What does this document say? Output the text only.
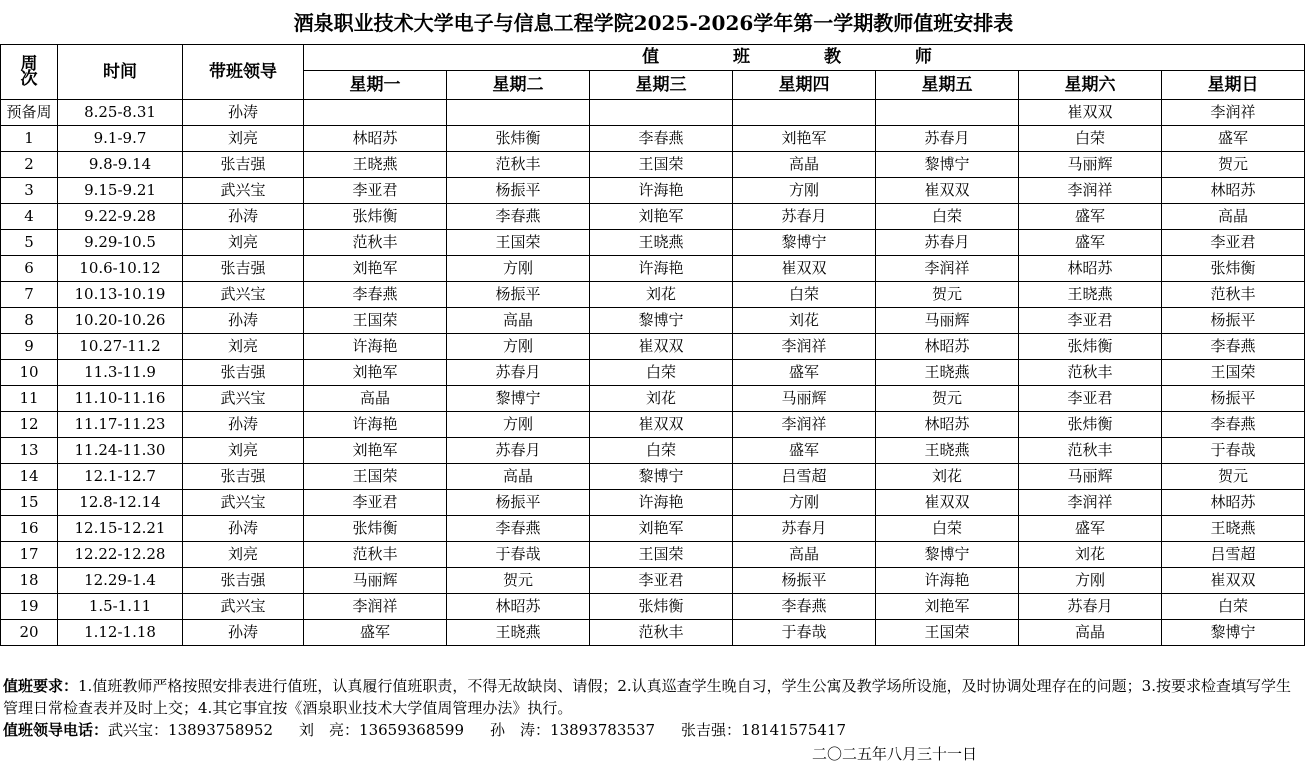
酒泉职业技术大学电子与信息工程学院2025-2026学年第一学期教师值班安排表
周次	时间	带班领导	值 班 教 师						
			星期一	星期二	星期三	星期四	星期五	星期六	星期日
预备周	8.25-8.31	孙涛						崔双双	李润祥
1	9.1-9.7	刘亮	林昭苏	张炜衡	李春燕	刘艳军	苏春月	白荣	盛军
2	9.8-9.14	张吉强	王晓燕	范秋丰	王国荣	高晶	黎博宁	马丽辉	贺元
3	9.15-9.21	武兴宝	李亚君	杨振平	许海艳	方刚	崔双双	李润祥	林昭苏
4	9.22-9.28	孙涛	张炜衡	李春燕	刘艳军	苏春月	白荣	盛军	高晶
5	9.29-10.5	刘亮	范秋丰	王国荣	王晓燕	黎博宁	苏春月	盛军	李亚君
6	10.6-10.12	张吉强	刘艳军	方刚	许海艳	崔双双	李润祥	林昭苏	张炜衡
7	10.13-10.19	武兴宝	李春燕	杨振平	刘花	白荣	贺元	王晓燕	范秋丰
8	10.20-10.26	孙涛	王国荣	高晶	黎博宁	刘花	马丽辉	李亚君	杨振平
9	10.27-11.2	刘亮	许海艳	方刚	崔双双	李润祥	林昭苏	张炜衡	李春燕
10	11.3-11.9	张吉强	刘艳军	苏春月	白荣	盛军	王晓燕	范秋丰	王国荣
11	11.10-11.16	武兴宝	高晶	黎博宁	刘花	马丽辉	贺元	李亚君	杨振平
12	11.17-11.23	孙涛	许海艳	方刚	崔双双	李润祥	林昭苏	张炜衡	李春燕
13	11.24-11.30	刘亮	刘艳军	苏春月	白荣	盛军	王晓燕	范秋丰	于春哉
14	12.1-12.7	张吉强	王国荣	高晶	黎博宁	吕雪超	刘花	马丽辉	贺元
15	12.8-12.14	武兴宝	李亚君	杨振平	许海艳	方刚	崔双双	李润祥	林昭苏
16	12.15-12.21	孙涛	张炜衡	李春燕	刘艳军	苏春月	白荣	盛军	王晓燕
17	12.22-12.28	刘亮	范秋丰	于春哉	王国荣	高晶	黎博宁	刘花	吕雪超
18	12.29-1.4	张吉强	马丽辉	贺元	李亚君	杨振平	许海艳	方刚	崔双双
19	1.5-1.11	武兴宝	李润祥	林昭苏	张炜衡	李春燕	刘艳军	苏春月	白荣
20	1.12-1.18	孙涛	盛军	王晓燕	范秋丰	于春哉	王国荣	高晶	黎博宁

值班要求：1.值班教师严格按照安排表进行值班，认真履行值班职责，不得无故缺岗、请假；2.认真巡查学生晚自习，学生公寓及教学场所设施，及时协调处理存在的问题；3.按要求检查填写学生管理日常检查表并及时上交；4.其它事宜按《酒泉职业技术大学值周管理办法》执行。

值班领导电话：武兴宝：13893758952 刘　亮：13659368599 孙　涛：13893783537 张吉强：18141575417

二〇二五年八月三十一日
